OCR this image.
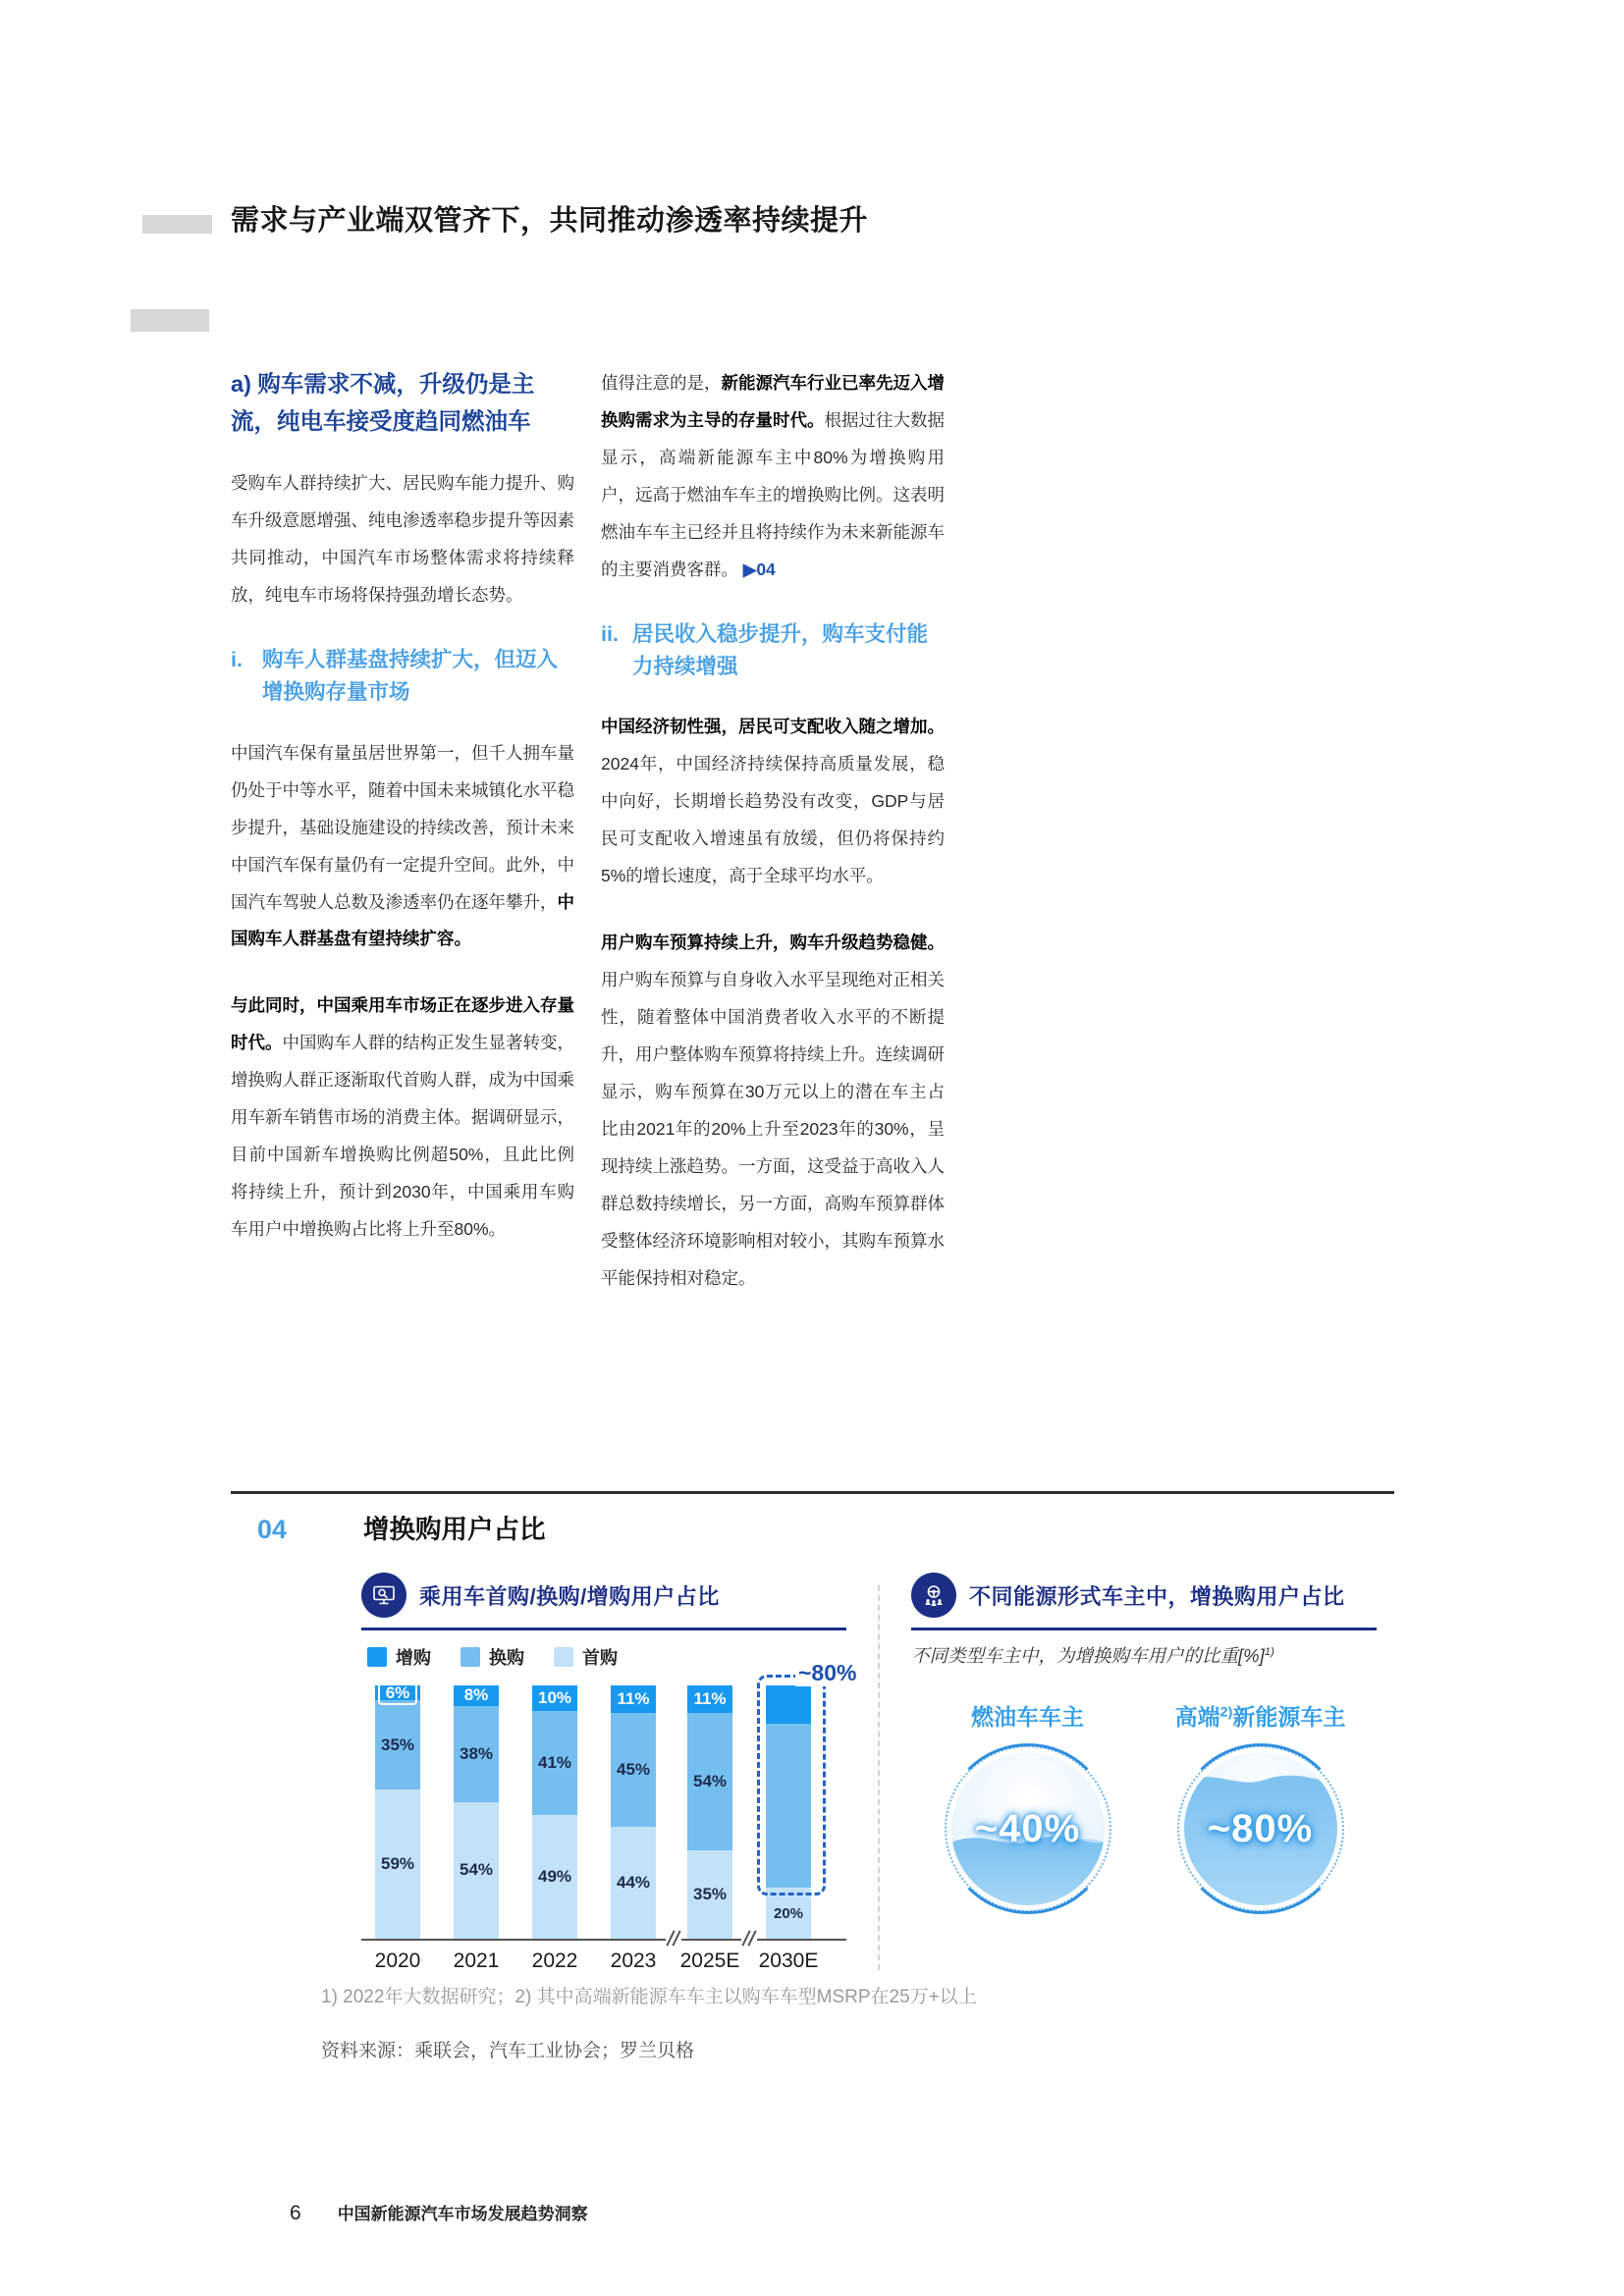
需求与产业端双管齐下，共同推动渗透率持续提升
a) 购车需求不减，升级仍是主流，纯电车接受度趋同燃油车

受购车人群持续扩大、居民购车能力提升、购车升级意愿增强、纯电渗透率稳步提升等因素共同推动，中国汽车市场整体需求将持续释放，纯电车市场将保持强劲增长态势。

i. 购车人群基盘持续扩大，但迈入增换购存量市场

中国汽车保有量虽居世界第一，但千人拥车量仍处于中等水平，随着中国未来城镇化水平稳步提升，基础设施建设的持续改善，预计未来中国汽车保有量仍有一定提升空间。此外，中国汽车驾驶人总数及渗透率仍在逐年攀升，中国购车人群基盘有望持续扩容。

与此同时，中国乘用车市场正在逐步进入存量时代。中国购车人群的结构正发生显著转变，增换购人群正逐渐取代首购人群，成为中国乘用车新车销售市场的消费主体。据调研显示，目前中国新车增换购比例超50%，且此比例将持续上升，预计到2030年，中国乘用车购车用户中增换购占比将上升至80%。

值得注意的是，新能源汽车行业已率先迈入增换购需求为主导的存量时代。根据过往大数据显示，高端新能源车主中80%为增换购用户，远高于燃油车车主的增换购比例。这表明燃油车车主已经并且将持续作为未来新能源车的主要消费客群。 ▶04

ii. 居民收入稳步提升，购车支付能力持续增强

中国经济韧性强，居民可支配收入随之增加。2024年，中国经济持续保持高质量发展，稳中向好，长期增长趋势没有改变，GDP与居民可支配收入增速虽有放缓，但仍将保持约5%的增长速度，高于全球平均水平。

用户购车预算持续上升，购车升级趋势稳健。用户购车预算与自身收入水平呈现绝对正相关性，随着整体中国消费者收入水平的不断提升，用户整体购车预算将持续上升。连续调研显示，购车预算在30万元以上的潜在车主占比由2021年的20%上升至2023年的30%，呈现持续上涨趋势。一方面，这受益于高收入人群总数持续增长，另一方面，高购车预算群体受整体经济环境影响相对较小，其购车预算水平能保持相对稳定。

04	增换购用户占比
乘用车首购/换购/增购用户占比
增购	换购	首购
6%
35%
59%
8%
38%
54%
10%
41%
49%
11%
45%
44%
11%
54%
35%
20%
~80%
2020	2021	2022	2023	2025E 2030E
不同能源形式车主中，增换购用户占比
不同类型车主中，为增换购车用户的比重[%]$^{1)}$
燃油车车主	高端$^{2)}$新能源车主
~40%	~80%
1) 2022年大数据研究；2) 其中高端新能源车车主以购车车型MSRP在25万+以上
资料来源：乘联会，汽车工业协会；罗兰贝格
6 中国新能源汽车市场发展趋势洞察
